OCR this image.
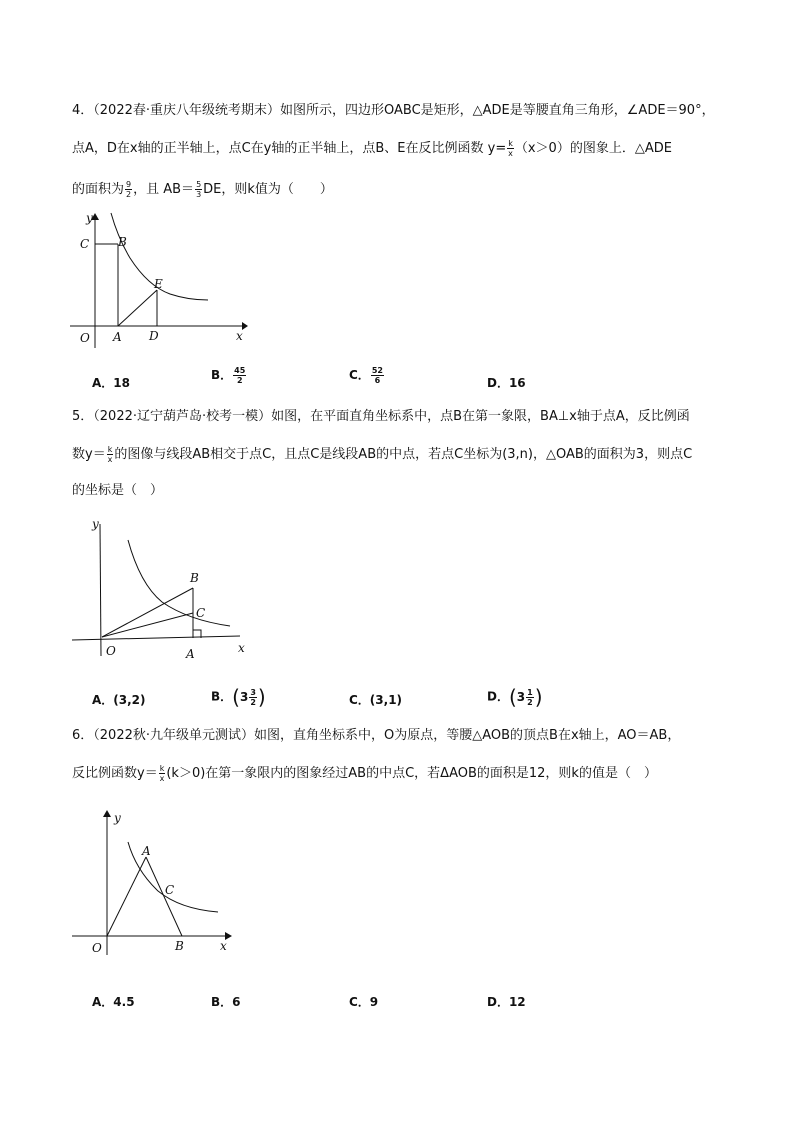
4．（2022春·重庆八年级统考期末）如图所示，四边形OABC是矩形，△ADE是等腰直角三角形，∠ADE＝90°，
点A，D在x轴的正半轴上，点C在y轴的正半轴上，点B、E在反比例函数 $y= \frac{k}{x} (x>0)$的图象上．△ADE
的面积为 $\frac{9}{2}$ ，且 $AB= \frac{5}{3}$ DE，则k值为（　　）
y
x
C B
E
O A D
A．18
B． $\frac{45}{2}$	C． $\frac{52}{6}$	D．16
5．（2022·辽宁葫芦岛·校考一模）如图，在平面直角坐标系中，点B在第一象限，BA⊥x轴于点A，反比例函
数$y= \frac{k}{x}$ 的图像与线段AB相交于点C，且点C是线段AB的中点，若点C坐标为(3,n)，△OAB的面积为3，则点C
的坐标是（　）
y
x
B
C
O	A
A．(3,2)	B．($3 \frac{3}{2}$ )	C．(3,1)	D．($3 \frac{1}{2}$ )
6．（2022秋·九年级单元测试）如图，直角坐标系中，O为原点，等腰△AOB的顶点B在x轴上，AO＝AB，
反比例函数$y= \frac{k}{x} (k>0)$在第一象限内的图象经过AB的中点C，若ΔAOB的面积是12，则k的值是（　）
y
x
A
C
O	B
A．4.5	B．6	C．9	D．12
